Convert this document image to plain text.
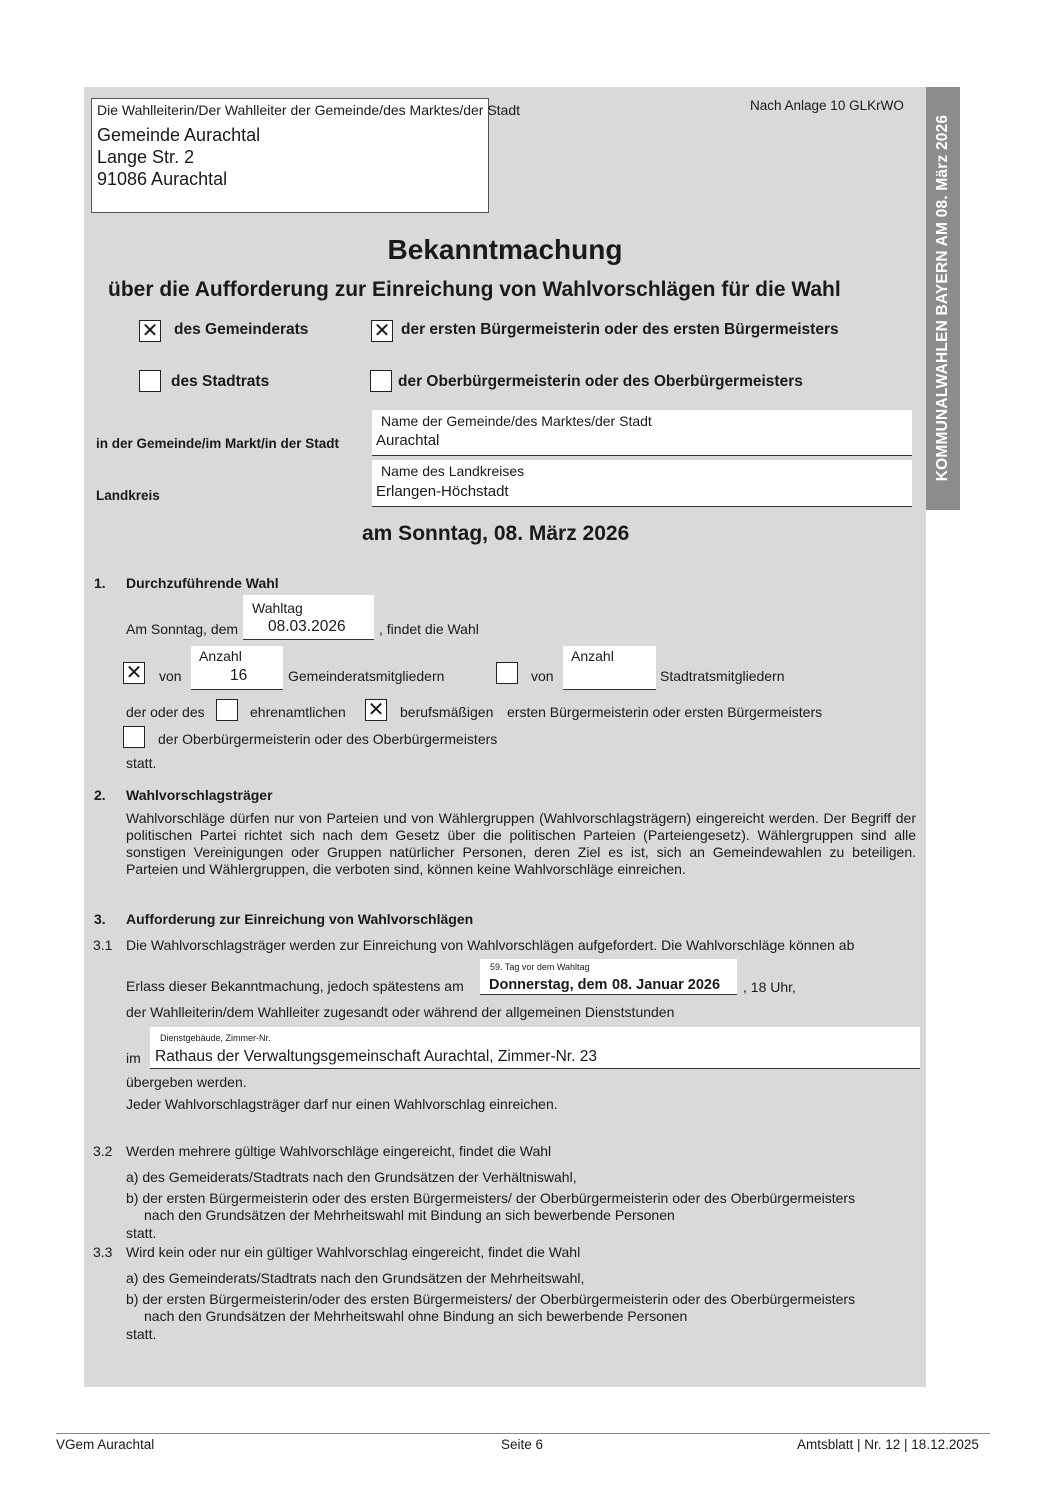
KOMMUNALWAHLEN BAYERN AM 08. März 2026
Nach Anlage 10 GLKrWO
Die Wahlleiterin/Der Wahlleiter der Gemeinde/des Marktes/der Stadt
Gemeinde Aurachtal
Lange Str. 2
91086 Aurachtal
Bekanntmachung
über die Aufforderung zur Einreichung von Wahlvorschlägen für die Wahl
✕ des Gemeinderats	✕ der ersten Bürgermeisterin oder des ersten Bürgermeisters
des Stadtrats	der Oberbürgermeisterin oder des Oberbürgermeisters
Name der Gemeinde/des Marktes/der Stadt
Aurachtal
in der Gemeinde/im Markt/in der Stadt
Name des Landkreises
Erlangen-Höchstadt
Landkreis
am Sonntag, 08. März 2026
1. Durchzuführende Wahl
Wahltag
08.03.2026
Am Sonntag, dem	, findet die Wahl
✕ von
Anzahl
16	Gemeinderatsmitgliedern	von
Anzahl
Stadtratsmitgliedern
der oder des	ehrenamtlichen ✕ berufsmäßigen ersten Bürgermeisterin oder ersten Bürgermeisters
der Oberbürgermeisterin oder des Oberbürgermeisters
statt.
2. Wahlvorschlagsträger
Wahlvorschläge dürfen nur von Parteien und von Wählergruppen (Wahlvorschlagsträgern) eingereicht werden. Der Begriff der politischen Partei richtet sich nach dem Gesetz über die politischen Parteien (Parteiengesetz). Wählergruppen sind alle sonstigen Vereinigungen oder Gruppen natürlicher Personen, deren Ziel es ist, sich an Gemeindewahlen zu beteiligen. Parteien und Wählergruppen, die verboten sind, können keine Wahlvorschläge einreichen.
3. Aufforderung zur Einreichung von Wahlvorschlägen
3.1 Die Wahlvorschlagsträger werden zur Einreichung von Wahlvorschlägen aufgefordert. Die Wahlvorschläge können ab
59. Tag vor dem Wahltag
Donnerstag, dem 08. Januar 2026
Erlass dieser Bekanntmachung, jedoch spätestens am	, 18 Uhr,
der Wahlleiterin/dem Wahlleiter zugesandt oder während der allgemeinen Dienststunden
Dienstgebäude, Zimmer-Nr.
Rathaus der Verwaltungsgemeinschaft Aurachtal, Zimmer-Nr. 23
im
übergeben werden.
Jeder Wahlvorschlagsträger darf nur einen Wahlvorschlag einreichen.
3.2 Werden mehrere gültige Wahlvorschläge eingereicht, findet die Wahl
a) des Gemeiderats/Stadtrats nach den Grundsätzen der Verhältniswahl,
b) der ersten Bürgermeisterin oder des ersten Bürgermeisters/ der Oberbürgermeisterin oder des Oberbürgermeisters
nach den Grundsätzen der Mehrheitswahl mit Bindung an sich bewerbende Personen
statt.
3.3 Wird kein oder nur ein gültiger Wahlvorschlag eingereicht, findet die Wahl
a) des Gemeinderats/Stadtrats nach den Grundsätzen der Mehrheitswahl,
b) der ersten Bürgermeisterin/oder des ersten Bürgermeisters/ der Oberbürgermeisterin oder des Oberbürgermeisters
nach den Grundsätzen der Mehrheitswahl ohne Bindung an sich bewerbende Personen
statt.
VGem Aurachtal	Seite 6	Amtsblatt | Nr. 12 | 18.12.2025
